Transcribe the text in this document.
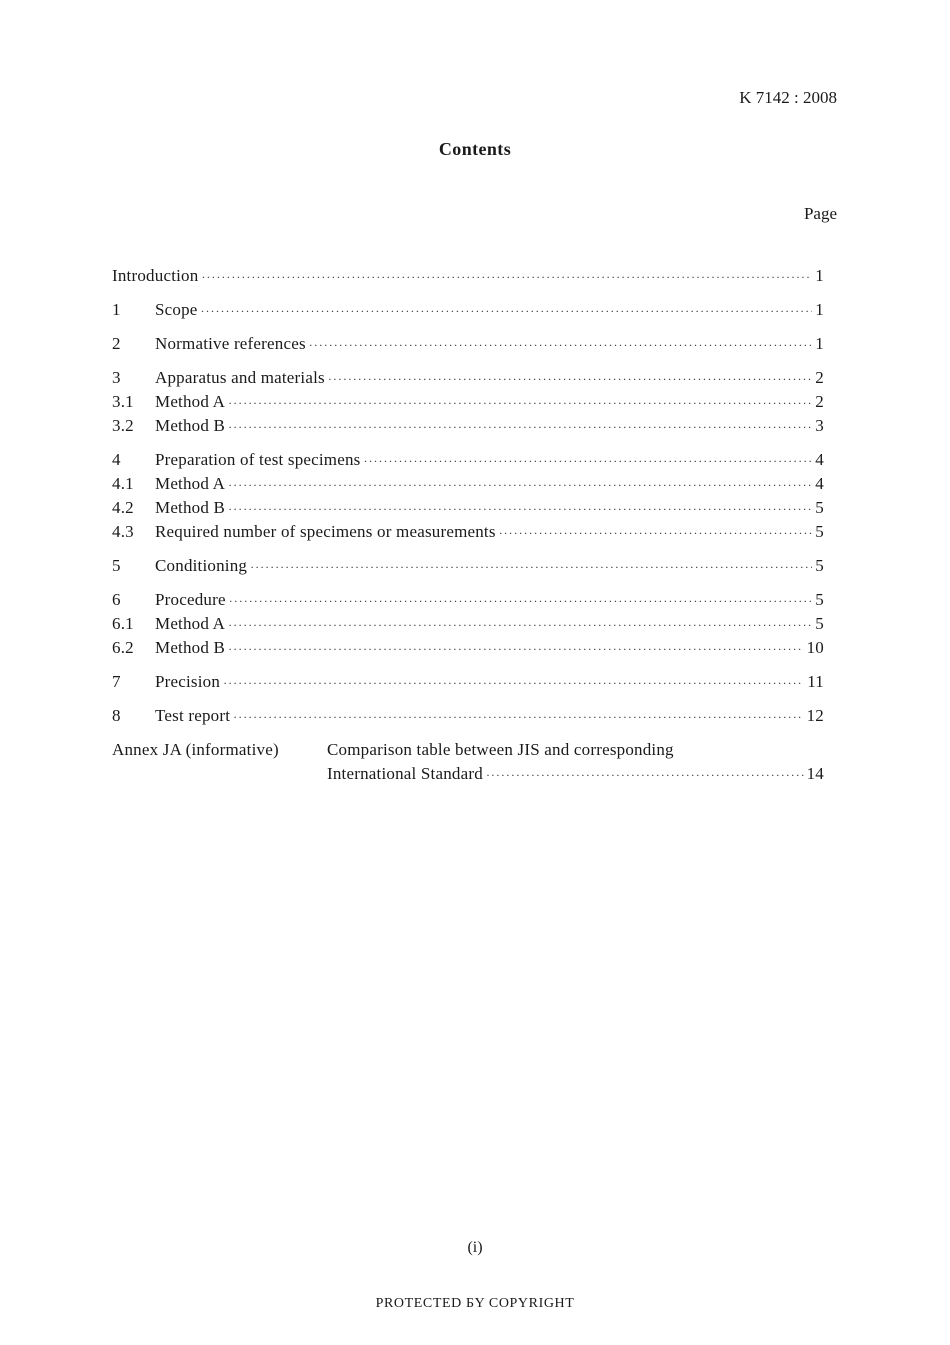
K 7142 : 2008
Contents
Page
Introduction ·····	1
1	Scope ·····	1
2	Normative references ·····	1
3	Apparatus and materials ·····	2
3.1	Method A ·····	2
3.2	Method B ·····	3
4	Preparation of test specimens ·····	4
4.1	Method A ·····	4
4.2	Method B ·····	5
4.3	Required number of specimens or measurements ·····	5
5	Conditioning ·····	5
6	Procedure ·····	5
6.1	Method A ·····	5
6.2	Method B ·····	10
7	Precision ·····	11
8	Test report ·····	12
Annex JA (informative)	Comparison table between JIS and corresponding
International Standard ·····	14
(i)
PROTECTED БY COPYRIGHT
